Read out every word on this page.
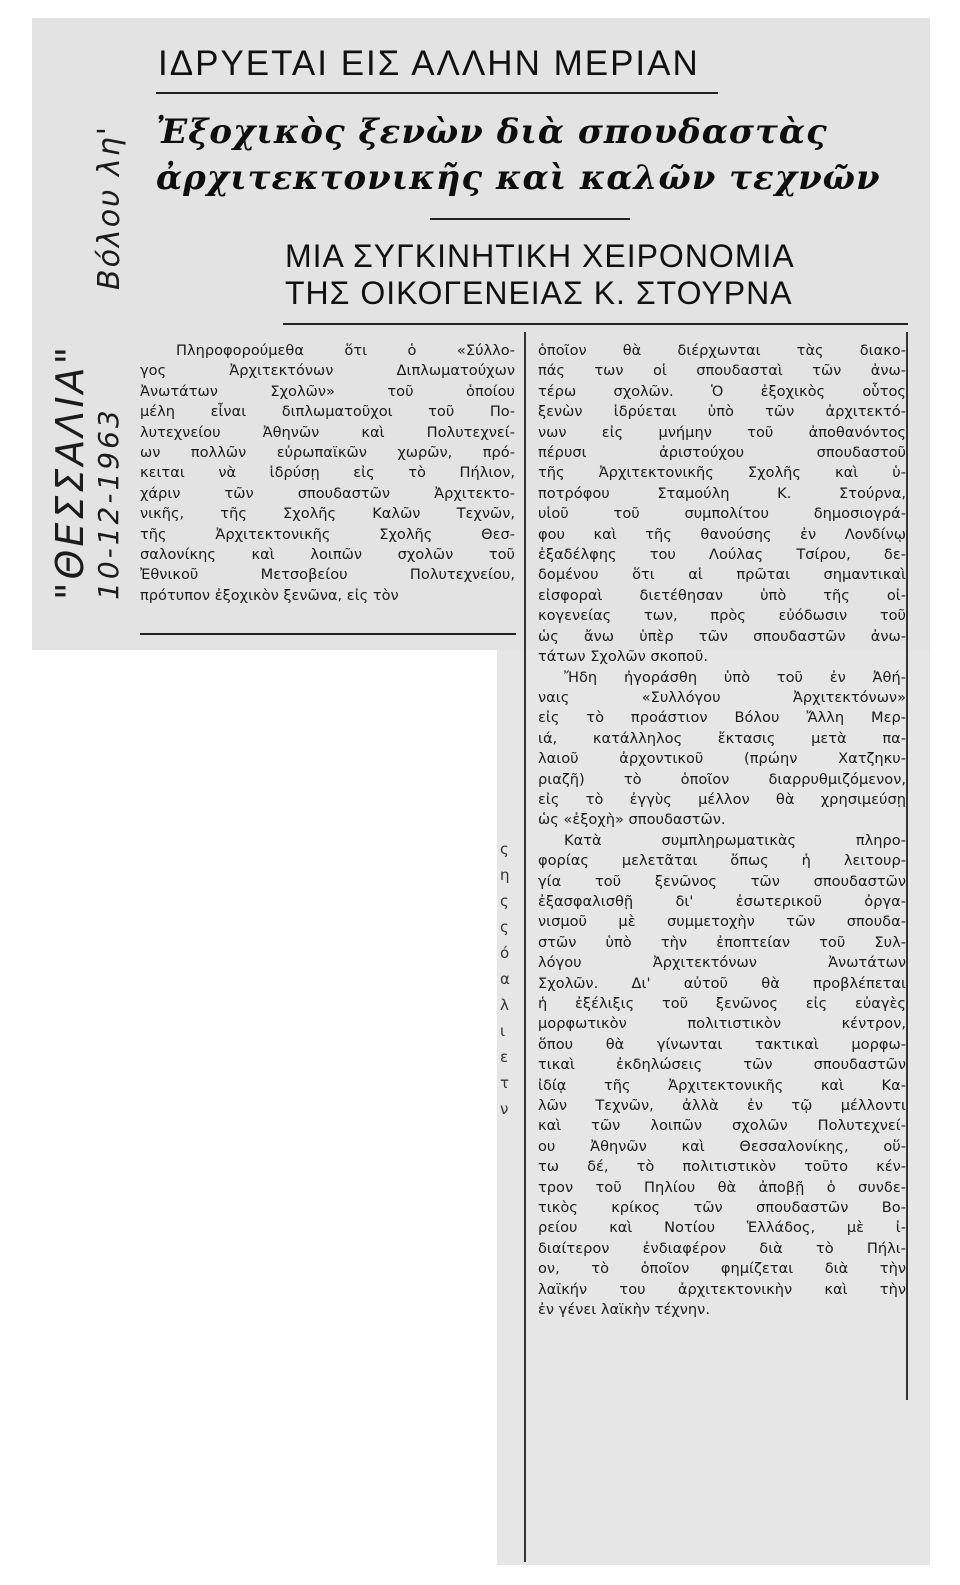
"ΘΕΣΣΑΛΙΑ"
Βόλου λη'
10-12-1963
ΙΔΡΥΕΤΑΙ ΕΙΣ ΑΛΛΗΝ ΜΕΡΙΑΝ
Ἐξοχικὸς ξενὼν διὰ σπουδαστὰς
ἀρχιτεκτονικῆς καὶ καλῶν τεχνῶν
ΜΙΑ ΣΥΓΚΙΝΗΤΙΚΗ ΧΕΙΡΟΝΟΜΙΑ
ΤΗΣ ΟΙΚΟΓΕΝΕΙΑΣ Κ. ΣΤΟΥΡΝΑ
Πληροφορούμεθα ὅτι ὁ «Σύλλο-
γος Ἀρχιτεκτόνων Διπλωματούχων
Ἀνωτάτων Σχολῶν» τοῦ ὁποίου
μέλη εἶναι διπλωματοῦχοι τοῦ Πο-
λυτεχνείου Ἀθηνῶν καὶ Πολυτεχνεί-
ων πολλῶν εὐρωπαϊκῶν χωρῶν, πρό-
κειται νὰ ἱδρύσῃ εἰς τὸ Πήλιον,
χάριν τῶν σπουδαστῶν Ἀρχιτεκτο-
νικῆς, τῆς Σχολῆς Καλῶν Τεχνῶν,
τῆς Ἀρχιτεκτονικῆς Σχολῆς Θεσ-
σαλονίκης καὶ λοιπῶν σχολῶν τοῦ
Ἐθνικοῦ Μετσοβείου Πολυτεχνείου,
πρότυπον ἐξοχικὸν ξενῶνα, εἰς τὸν
ὁποῖον θὰ διέρχωνται τὰς διακο-
πάς των οἱ σπουδασταὶ τῶν ἀνω-
τέρω σχολῶν. Ὁ ἐξοχικὸς οὗτος
ξενὼν ἱδρύεται ὑπὸ τῶν ἀρχιτεκτό-
νων εἰς μνήμην τοῦ ἀποθανόντος
πέρυσι ἀριστούχου σπουδαστοῦ
τῆς Ἀρχιτεκτονικῆς Σχολῆς καὶ ὑ-
ποτρόφου Σταμούλη Κ. Στούρνα,
υἱοῦ τοῦ συμπολίτου δημοσιογρά-
φου καὶ τῆς θανούσης ἐν Λονδίνῳ
ἐξαδέλφης του Λούλας Τσίρου, δε-
δομένου ὅτι αἱ πρῶται σημαντικαὶ
εἰσφοραὶ διετέθησαν ὑπὸ τῆς οἰ-
κογενείας των, πρὸς εὐόδωσιν τοῦ
ὡς ἄνω ὑπὲρ τῶν σπουδαστῶν ἀνω-
τάτων Σχολῶν σκοποῦ.
Ἤδη ἠγοράσθη ὑπὸ τοῦ ἐν Ἀθή-
ναις «Συλλόγου Ἀρχιτεκτόνων»
εἰς τὸ προάστιον Βόλου Ἄλλη Μερ-
ιά, κατάλληλος ἔκτασις μετὰ πα-
λαιοῦ ἀρχοντικοῦ (πρώην Χατζηκυ-
ριαζῆ) τὸ ὁποῖον διαρρυθμιζόμενον,
εἰς τὸ ἐγγὺς μέλλον θὰ χρησιμεύσῃ
ὡς «ἐξοχὴ» σπουδαστῶν.
Κατὰ συμπληρωματικὰς πληρο-
φορίας μελετᾶται ὅπως ἡ λειτουρ-
γία τοῦ ξενῶνος τῶν σπουδαστῶν
ἐξασφαλισθῇ δι' ἐσωτερικοῦ ὀργα-
νισμοῦ μὲ συμμετοχὴν τῶν σπουδα-
στῶν ὑπὸ τὴν ἐποπτείαν τοῦ Συλ-
λόγου Ἀρχιτεκτόνων Ἀνωτάτων
Σχολῶν. Δι' αὐτοῦ θὰ προβλέπεται
ἡ ἐξέλιξις τοῦ ξενῶνος εἰς εὐαγὲς
μορφωτικὸν πολιτιστικὸν κέντρον,
ὅπου θὰ γίνωνται τακτικαὶ μορφω-
τικαὶ ἐκδηλώσεις τῶν σπουδαστῶν
ἰδίᾳ τῆς Ἀρχιτεκτονικῆς καὶ Κα-
λῶν Τεχνῶν, ἀλλὰ ἐν τῷ μέλλοντι
καὶ τῶν λοιπῶν σχολῶν Πολυτεχνεί-
ου Ἀθηνῶν καὶ Θεσσαλονίκης, οὕ-
τω δέ, τὸ πολιτιστικὸν τοῦτο κέν-
τρον τοῦ Πηλίου θὰ ἀποβῇ ὁ συνδε-
τικὸς κρίκος τῶν σπουδαστῶν Βο-
ρείου καὶ Νοτίου Ἑλλάδος, μὲ ἰ-
διαίτερον ἐνδιαφέρον διὰ τὸ Πήλι-
ον, τὸ ὁποῖον φημίζεται διὰ τὴν
λαϊκήν του ἀρχιτεκτονικὴν καὶ τὴν
ἐν γένει λαϊκὴν τέχνην.
ς
η
ς
ς
ό
α
λ
ι
ε
τ
ν
